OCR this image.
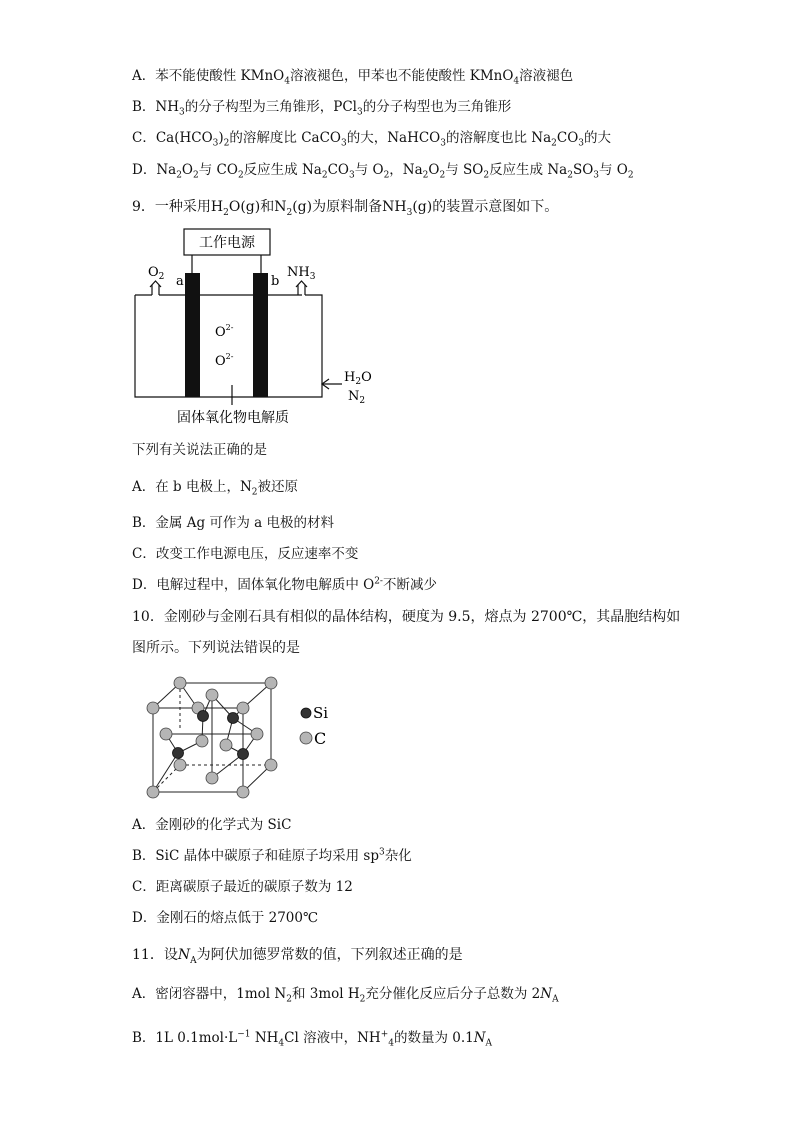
A．苯不能使酸性 KMnO$_4$溶液褪色，甲苯也不能使酸性 KMnO$_4$溶液褪色
B．$NH_3$的分子构型为三角锥形，PCl$_3$的分子构型也为三角锥形
C．$Ca(HCO_3)_2$的溶解度比 CaCO$_3$的大，NaHCO$_3$的溶解度也比 $Na_2CO_3$的大
D．$Na_2O_2$与 $CO_2$反应生成 $Na_2CO_3$与 $O_2$，$Na_2O_2$与 $SO_2$反应生成 $Na_2SO_3$与 $O_2$
9．一种采用$H_2O(g)$和$N_2(g)$为原料制备$NH_3(g)$的装置示意图如下。
工作电源
$O_2$ a	b
$NH_3$
$O^{2-}$
$O^{2-}$
$H_2O$
$N_2$
固体氧化物电解质
下列有关说法正确的是
A．在 b 电极上，$N_2$被还原
B．金属 Ag 可作为 a 电极的材料
C．改变工作电源电压，反应速率不变
D．电解过程中，固体氧化物电解质中 $O^{2-}$不断减少
10．金刚砂与金刚石具有相似的晶体结构，硬度为 9.5，熔点为 2700℃，其晶胞结构如
图所示。下列说法错误的是
Si
C
A．金刚砂的化学式为 SiC
B．SiC 晶体中碳原子和硅原子均采用 $sp^3$杂化
C．距离碳原子最近的碳原子数为 12
D．金刚石的熔点低于 2700℃
11．设$N_A$为阿伏加德罗常数的值，下列叙述正确的是
A．密闭容器中，1mol $N_2$和 3mol $H_2$充分催化反应后分子总数为 $2N_A$
B．1L $0.1mol\cdot L^{-1}$ $NH_4Cl$ 溶液中，$NH^+_4$的数量为 $0.1N_A$
